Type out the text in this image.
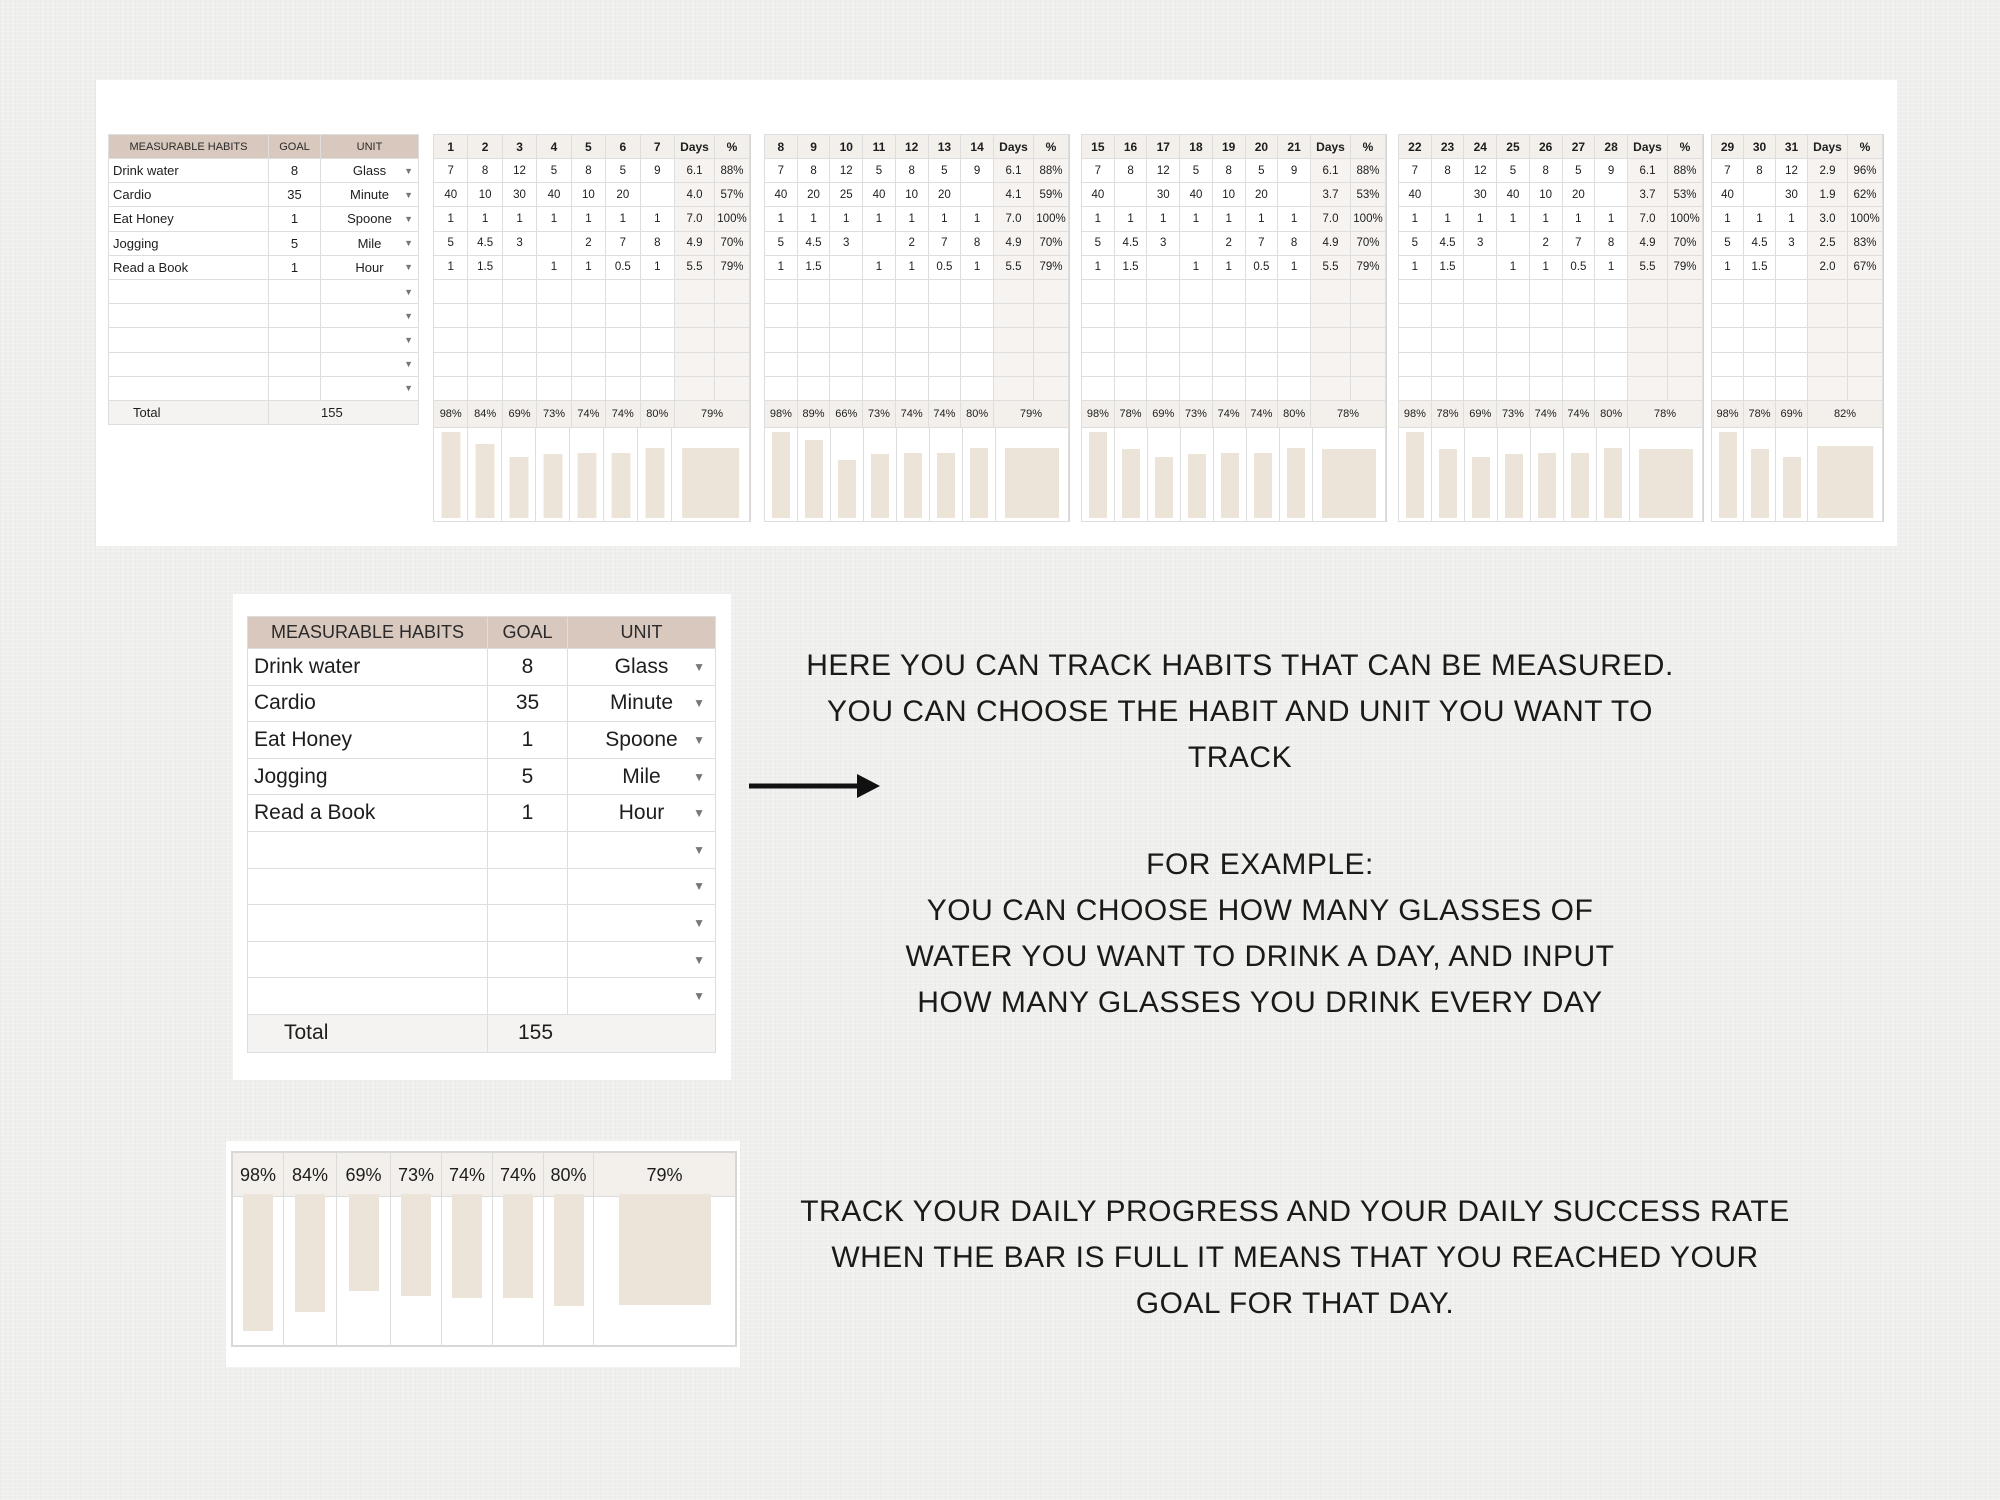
MEASURABLE HABITS	GOAL	UNIT
Drink water	8	Glass ▼

Cardio	35	Minute ▼

Eat Honey	1	Spoone ▼

Jogging	5	Mile ▼

Read a Book	1	Hour ▼

		▼

		▼

		▼

		▼

		▼

Total	155	
1	2	3	4	5	6	7	Days	%
7	8	12	5	8	5	9	6.1	88%
40	10	30	40	10	20		4.0	57%
1	1	1	1	1	1	1	7.0	100%
5	4.5	3		2	7	8	4.9	70%
1	1.5		1	1	0.5	1	5.5	79%

98%	84%	69%	73%	74%	74%	80%	79%	
8	9	10	11	12	13	14	Days	%
7	8	12	5	8	5	9	6.1	88%
40	20	25	40	10	20		4.1	59%
1	1	1	1	1	1	1	7.0	100%
5	4.5	3		2	7	8	4.9	70%
1	1.5		1	1	0.5	1	5.5	79%

98%	89%	66%	73%	74%	74%	80%	79%	
15	16	17	18	19	20	21	Days	%
7	8	12	5	8	5	9	6.1	88%
40		30	40	10	20		3.7	53%
1	1	1	1	1	1	1	7.0	100%
5	4.5	3		2	7	8	4.9	70%
1	1.5		1	1	0.5	1	5.5	79%

98%	78%	69%	73%	74%	74%	80%	78%	
22	23	24	25	26	27	28	Days	%
7	8	12	5	8	5	9	6.1	88%
40		30	40	10	20		3.7	53%
1	1	1	1	1	1	1	7.0	100%
5	4.5	3		2	7	8	4.9	70%
1	1.5		1	1	0.5	1	5.5	79%

98%	78%	69%	73%	74%	74%	80%	78%	
29	30	31	Days	%
7	8	12	2.9	96%
40		30	1.9	62%
1	1	1	3.0	100%
5	4.5	3	2.5	83%
1	1.5		2.0	67%

98%	78%	69%	82%	
MEASURABLE HABITS	GOAL	UNIT
Drink water	8	Glass ▼

Cardio	35	Minute ▼

Eat Honey	1	Spoone ▼

Jogging	5	Mile ▼

Read a Book	1	Hour ▼

		▼

		▼

		▼

		▼

		▼

Total	155	
HERE YOU CAN TRACK HABITS THAT CAN BE MEASURED.
YOU CAN CHOOSE THE HABIT AND UNIT YOU WANT TO
TRACK
FOR EXAMPLE:
YOU CAN CHOOSE HOW MANY GLASSES OF
WATER YOU WANT TO DRINK A DAY, AND INPUT
HOW MANY GLASSES YOU DRINK EVERY DAY
98% 84% 69% 73% 74% 74% 80%	79%
TRACK YOUR DAILY PROGRESS AND YOUR DAILY SUCCESS RATE
WHEN THE BAR IS FULL IT MEANS THAT YOU REACHED YOUR
GOAL FOR THAT DAY.
